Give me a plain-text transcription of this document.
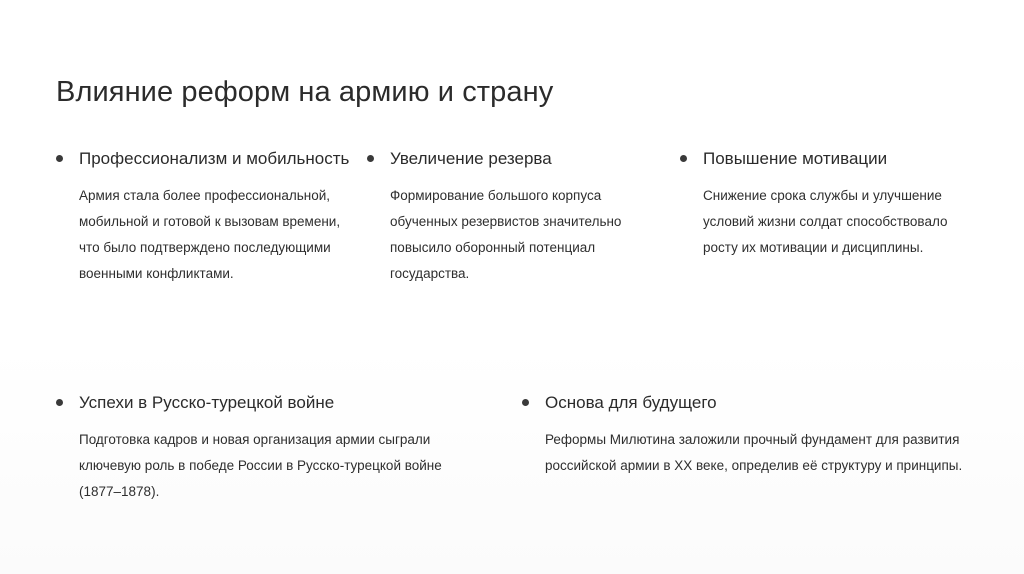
Влияние реформ на армию и страну
Профессионализм и мобильность
Армия стала более профессиональной, мобильной и готовой к вызовам времени, что было подтверждено последующими военными конфликтами.
Увеличение резерва
Формирование большого корпуса обученных резервистов значительно повысило оборонный потенциал государства.
Повышение мотивации
Снижение срока службы и улучшение условий жизни солдат способствовало росту их мотивации и дисциплины.
Успехи в Русско-турецкой войне
Подготовка кадров и новая организация армии сыграли ключевую роль в победе России в Русско-турецкой войне (1877–1878).
Основа для будущего
Реформы Милютина заложили прочный фундамент для развития российской армии в XX веке, определив её структуру и принципы.
